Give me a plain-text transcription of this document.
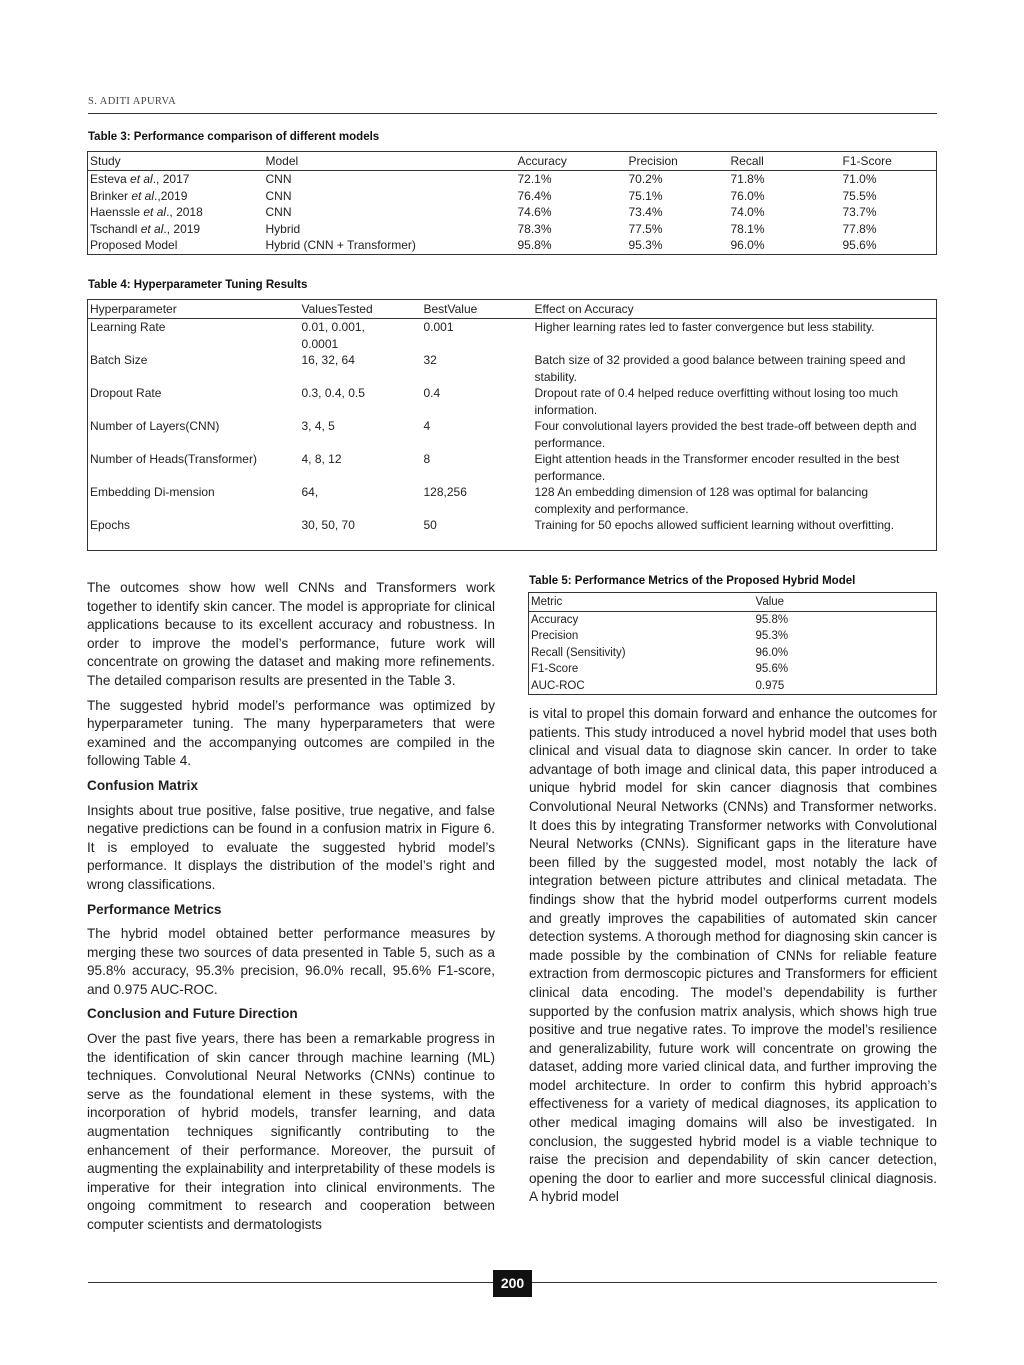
S. ADITI APURVA
Table 3: Performance comparison of different models
Study	Model	Accuracy	Precision	Recall	F1-Score
Esteva et al., 2017	CNN	72.1%	70.2%	71.8%	71.0%
Brinker et al.,2019	CNN	76.4%	75.1%	76.0%	75.5%
Haenssle et al., 2018	CNN	74.6%	73.4%	74.0%	73.7%
Tschandl et al., 2019	Hybrid	78.3%	77.5%	78.1%	77.8%
Proposed Model	Hybrid (CNN + Transformer)	95.8%	95.3%	96.0%	95.6%
Table 4: Hyperparameter Tuning Results
Hyperparameter	ValuesTested	BestValue	Effect on Accuracy
Learning Rate	0.01, 0.001, 0.0001	0.001	Higher learning rates led to faster convergence but less stability.
Batch Size	16, 32, 64	32	Batch size of 32 provided a good balance between training speed and stability.
Dropout Rate	0.3, 0.4, 0.5	0.4	Dropout rate of 0.4 helped reduce overfitting without losing too much information.
Number of Layers(CNN)	3, 4, 5	4	Four convolutional layers provided the best trade-off between depth and performance.
Number of Heads(Transformer)	4, 8, 12	8	Eight attention heads in the Transformer encoder resulted in the best performance.
Embedding Di-mension	64,	128,256	128 An embedding dimension of 128 was optimal for balancing complexity and performance.
Epochs	30, 50, 70	50	Training for 50 epochs allowed sufficient learning without overfitting.

The outcomes show how well CNNs and Transformers work together to identify skin cancer. The model is appropriate for clinical applications because to its excellent accuracy and robustness. In order to improve the model’s performance, future work will concentrate on growing the dataset and making more refinements. The detailed comparison results are presented in the Table 3.

The suggested hybrid model’s performance was optimized by hyperparameter tuning. The many hyperparameters that were examined and the accompanying outcomes are compiled in the following Table 4.

Confusion Matrix

Insights about true positive, false positive, true negative, and false negative predictions can be found in a confusion matrix in Figure 6. It is employed to evaluate the suggested hybrid model’s performance. It displays the distribution of the model’s right and wrong classifications.

Performance Metrics

The hybrid model obtained better performance measures by merging these two sources of data presented in Table 5, such as a 95.8% accuracy, 95.3% precision, 96.0% recall, 95.6% F1-score, and 0.975 AUC-ROC.

Conclusion and Future Direction

Over the past five years, there has been a remarkable progress in the identification of skin cancer through machine learning (ML) techniques. Convolutional Neural Networks (CNNs) continue to serve as the foundational element in these systems, with the incorporation of hybrid models, transfer learning, and data augmentation techniques significantly contributing to the enhancement of their performance. Moreover, the pursuit of augmenting the explainability and interpretability of these models is imperative for their integration into clinical environments. The ongoing commitment to research and cooperation between computer scientists and dermatologists

Table 5: Performance Metrics of the Proposed Hybrid Model
Metric	Value
Accuracy	95.8%
Precision	95.3%
Recall (Sensitivity)	96.0%
F1-Score	95.6%
AUC-ROC	0.975

is vital to propel this domain forward and enhance the outcomes for patients. This study introduced a novel hybrid model that uses both clinical and visual data to diagnose skin cancer. In order to take advantage of both image and clinical data, this paper introduced a unique hybrid model for skin cancer diagnosis that combines Convolutional Neural Networks (CNNs) and Transformer networks. It does this by integrating Transformer networks with Convolutional Neural Networks (CNNs). Significant gaps in the literature have been filled by the suggested model, most notably the lack of integration between picture attributes and clinical metadata. The findings show that the hybrid model outperforms current models and greatly improves the capabilities of automated skin cancer detection systems. A thorough method for diagnosing skin cancer is made possible by the combination of CNNs for reliable feature extraction from dermoscopic pictures and Transformers for efficient clinical data encoding. The model’s dependability is further supported by the confusion matrix analysis, which shows high true positive and true negative rates. To improve the model’s resilience and generalizability, future work will concentrate on growing the dataset, adding more varied clinical data, and further improving the model architecture. In order to confirm this hybrid approach’s effectiveness for a variety of medical diagnoses, its application to other medical imaging domains will also be investigated. In conclusion, the suggested hybrid model is a viable technique to raise the precision and dependability of skin cancer detection, opening the door to earlier and more successful clinical diagnosis. A hybrid model

200
